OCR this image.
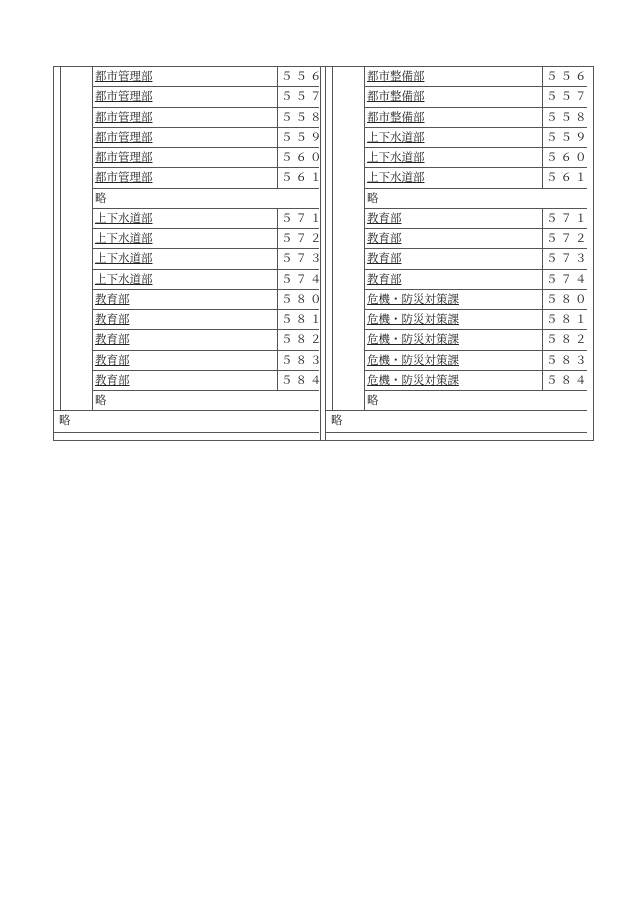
都市管理部	５５６
都市管理部	５５７
都市管理部	５５８
都市管理部	５５９
都市管理部	５６０
都市管理部	５６１
略
上下水道部	５７１
上下水道部	５７２
上下水道部	５７３
上下水道部	５７４
教育部	５８０
教育部	５８１
教育部	５８２
教育部	５８３
教育部	５８４
略
略
都市整備部	５５６
都市整備部	５５７
都市整備部	５５８
上下水道部	５５９
上下水道部	５６０
上下水道部	５６１
略
教育部	５７１
教育部	５７２
教育部	５７３
教育部	５７４
危機・防災対策課	５８０
危機・防災対策課	５８１
危機・防災対策課	５８２
危機・防災対策課	５８３
危機・防災対策課	５８４
略
略
